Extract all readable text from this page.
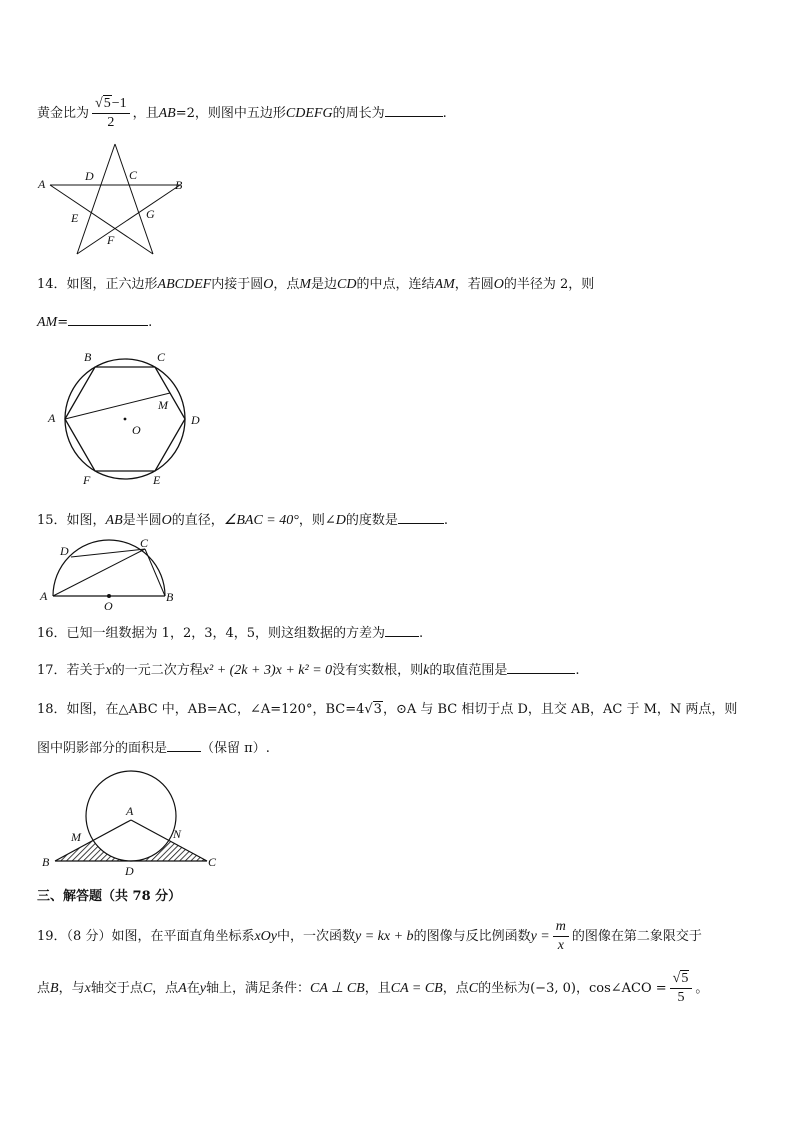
黄金比为 $\frac{√5-1}{2}$ ，且AB=2，则图中五边形CDEFG的周长为	.
A
D	C
B
E	G
F
14．如图，正六边形ABCDEF内接于圆O，点M是边CD的中点，连结AM，若圆O的半径为 2，则
AM=	.
B	C
A
M
D
O
F	E
15．如图，AB是半圆O的直径，∠BAC = 40°，则∠D的度数是	.
D
C
A
O
B
16．已知一组数据为 1，2，3，4，5，则这组数据的方差为	.
17．若关于x的一元二次方程x² + (2k + 3)x + k² = 0没有实数根，则k的取值范围是	.
18．如图，在△ABC 中，AB=AC，∠A=120°，BC=4√3，⊙A 与 BC 相切于点 D，且交 AB，AC 于 M，N 两点，则
图中阴影部分的面积是	（保留 π）.
A
M	N
B
D
C
三、解答题（共 78 分）
19．（8 分）如图，在平面直角坐标系xOy中，一次函数y = kx + b的图像与反比例函数$y = \frac{m}{x}$ 的图像在第二象限交于
点B，与x轴交于点C，点A在y轴上，满足条件：CA ⊥ CB，且CA = CB，点C的坐标为(−3, 0)，cos∠ACO = $\frac{√5}{5}$ 。
